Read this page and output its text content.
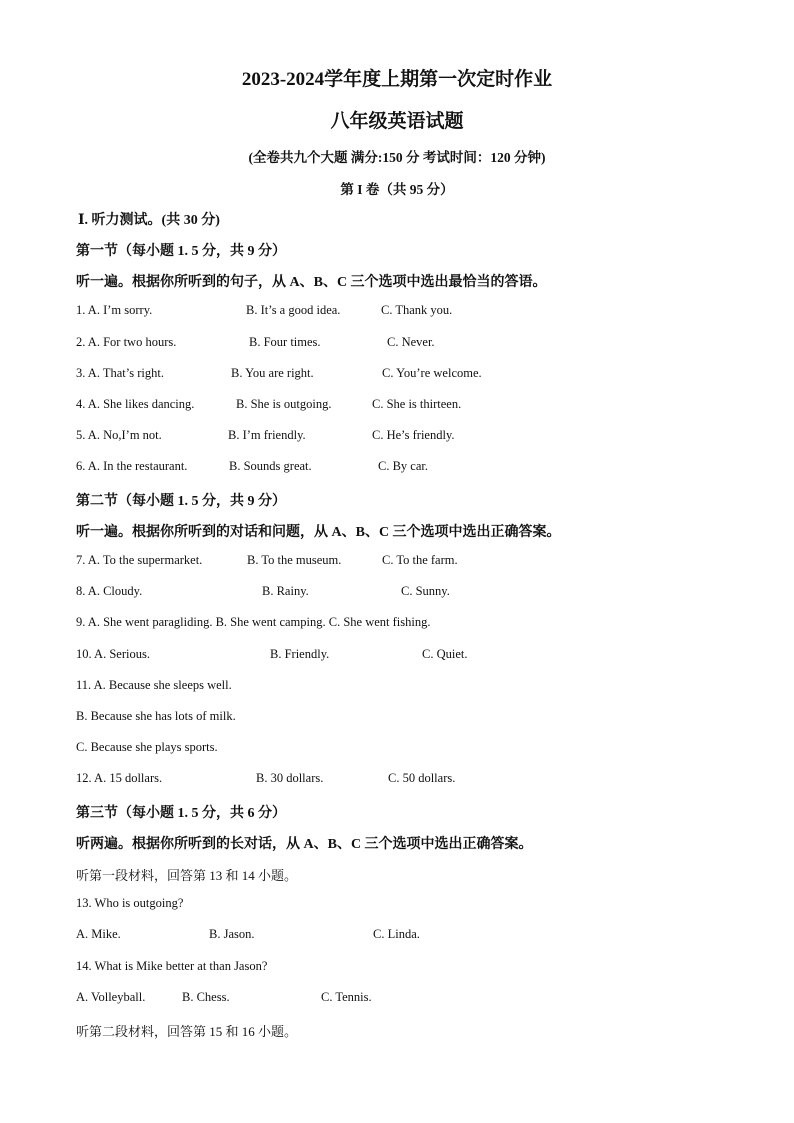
2023-2024学年度上期第一次定时作业
八年级英语试题
(全卷共九个大题 满分:150 分 考试时间：120 分钟)
第 I 卷（共 95 分）
Ⅰ. 听力测试。(共 30 分)
第一节（每小题 1. 5 分，共 9 分）
听一遍。根据你所听到的句子，从 A、B、C 三个选项中选出最恰当的答语。
1. A. I’m sorry.	B. It’s a good idea.	C. Thank you.
2. A. For two hours.	B. Four times.	C. Never.
3. A. That’s right.	B. You are right.	C. You’re welcome.
4. A. She likes dancing.	B. She is outgoing.	C. She is thirteen.
5. A. No,I’m not.	B. I’m friendly.	C. He’s friendly.
6. A. In the restaurant.	B. Sounds great.	C. By car.
第二节（每小题 1. 5 分，共 9 分）
听一遍。根据你所听到的对话和问题，从 A、B、C 三个选项中选出正确答案。
7. A. To the supermarket.	B. To the museum.	C. To the farm.
8. A. Cloudy.	B. Rainy.	C. Sunny.
9. A. She went paragliding. B. She went camping. C. She went fishing.
10. A. Serious.	B. Friendly.	C. Quiet.
11. A. Because she sleeps well.
B. Because she has lots of milk.
C. Because she plays sports.
12. A. 15 dollars.	B. 30 dollars.	C. 50 dollars.
第三节（每小题 1. 5 分，共 6 分）
听两遍。根据你所听到的长对话，从 A、B、C 三个选项中选出正确答案。
听第一段材料，回答第 13 和 14 小题。
13. Who is outgoing?
A. Mike.	B. Jason.	C. Linda.
14. What is Mike better at than Jason?
A. Volleyball.	B. Chess.	C. Tennis.
听第二段材料，回答第 15 和 16 小题。
